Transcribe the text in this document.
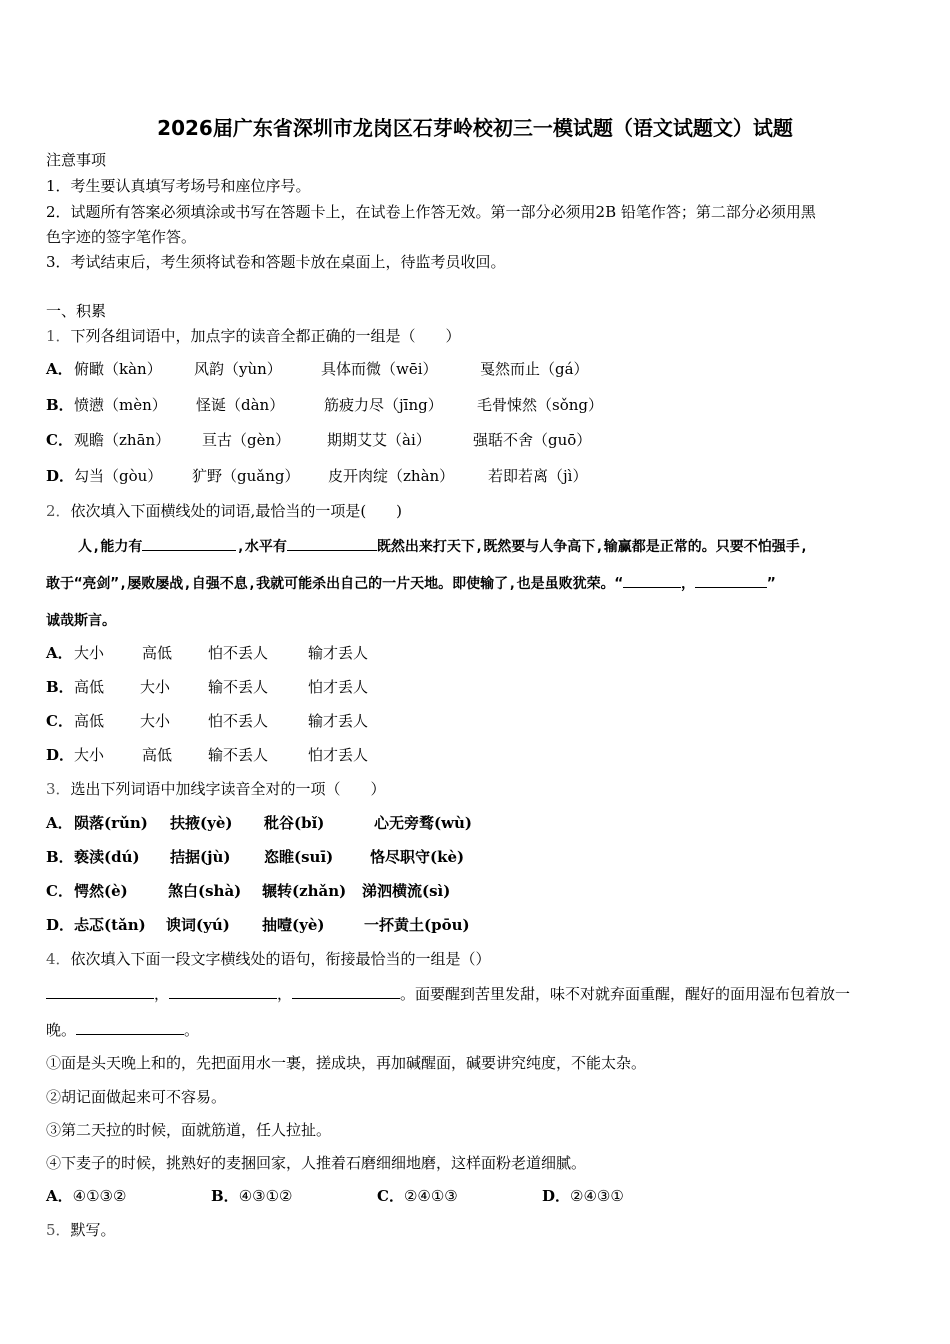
2026届广东省深圳市龙岗区石芽岭校初三一模试题（语文试题文）试题
注意事项
1．考生要认真填写考场号和座位序号。
2．试题所有答案必须填涂或书写在答题卡上，在试卷上作答无效。第一部分必须用2B 铅笔作答；第二部分必须用黑
色字迹的签字笔作答。
3．考试结束后，考生须将试卷和答题卡放在桌面上，待监考员收回。
一、积累
1．下列各组词语中，加点字的读音全都正确的一组是（　　）
A． 俯瞰（kàn） 风韵（yùn）	具体而微（wēi）	戛然而止（gá）
B． 愤懑（mèn） 怪诞（dàn）	筋疲力尽（jīng） 毛骨悚然（sǒng）
C． 观瞻（zhān） 亘古（gèn） 期期艾艾（ài）	强聒不舍（guō）
D． 勾当（gòu） 犷野（guǎng） 皮开肉绽（zhàn） 若即若离（jì）
2．依次填入下面横线处的词语,最恰当的一项是(　　)
人,能力有	,水平有	既然出来打天下,既然要与人争高下,输赢都是正常的。只要不怕强手,
敢于“亮剑”,屡败屡战,自强不息,我就可能杀出自己的一片天地。即使输了,也是虽败犹荣。“	，	”
诚哉斯言。
A． 大小	高低 怕不丢人	输才丢人
B． 高低 大小	输不丢人	怕才丢人
C． 高低 大小	怕不丢人	输才丢人
D． 大小	高低 输不丢人	怕才丢人
3．选出下列词语中加线字读音全对的一项（　　）
A． 陨落(rǔn) 扶掖(yè) 秕谷(bǐ)	心无旁骛(wù)
B． 亵渎(dú) 拮据(jù) 恣睢(suī) 恪尽职守(kè)
C． 愕然(è)	煞白(shà) 辗转(zhǎn) 涕泗横流(sì)
D． 忐忑(tǎn) 谀词(yú) 抽噎(yè)	一抔黄土(pōu)
4．依次填入下面一段文字横线处的语句，衔接最恰当的一组是（）
，	，	。面要醒到苦里发甜，味不对就弃面重醒，醒好的面用湿布包着放一
晚。	。
①面是头天晚上和的，先把面用水一裹，搓成块，再加碱醒面，碱要讲究纯度，不能太杂。
②胡记面做起来可不容易。
③第二天拉的时候，面就筋道，任人拉扯。
④下麦子的时候，挑熟好的麦捆回家，人推着石磨细细地磨，这样面粉老道细腻。
A．④①③②	B．④③①②	C．②④①③	D．②④③①
5．默写。
